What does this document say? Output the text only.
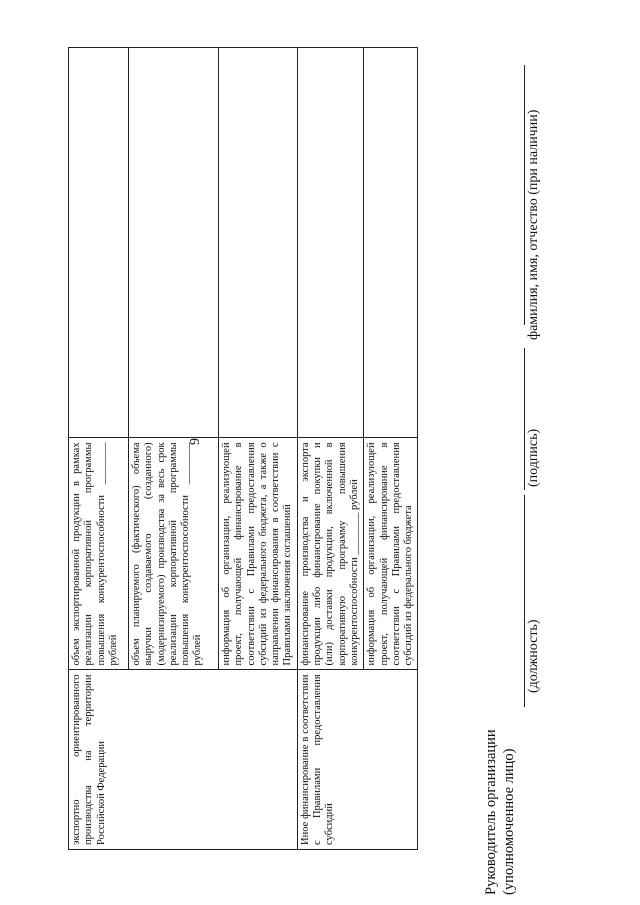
9
экспортно ориентированного производства на территории Российской Федерации	объем экспортированной продукции в рамках реализации корпоративной программы повышения конкурентоспособности ________ рублей	
	объем планируемого (фактического) объема выручки создаваемого (созданного) (модернизируемого) производства за весь срок реализации корпоративной программы повышения конкурентоспособности ________ рублей	
	информация об организации, реализующей проект, получающей финансирование в соответствии с Правилами предоставления субсидий из федерального бюджета, а также о направлении финансирования в соответствии с Правилами заключения соглашений	
Иное финансирование в соответствии с Правилами предоставления субсидий	финансирование производства и экспорта продукции либо финансирование покупки и (или) доставки продукции, включенной в корпоративную программу повышения конкурентоспособности ________ рублей	
	информация об организации, реализующей проект, получающей финансирование в соответствии с Правилами предоставления субсидий из федерального бюджета	
Руководитель организации (уполномоченное лицо)
(должность)
(подпись)
фамилия, имя, отчество (при наличии)
